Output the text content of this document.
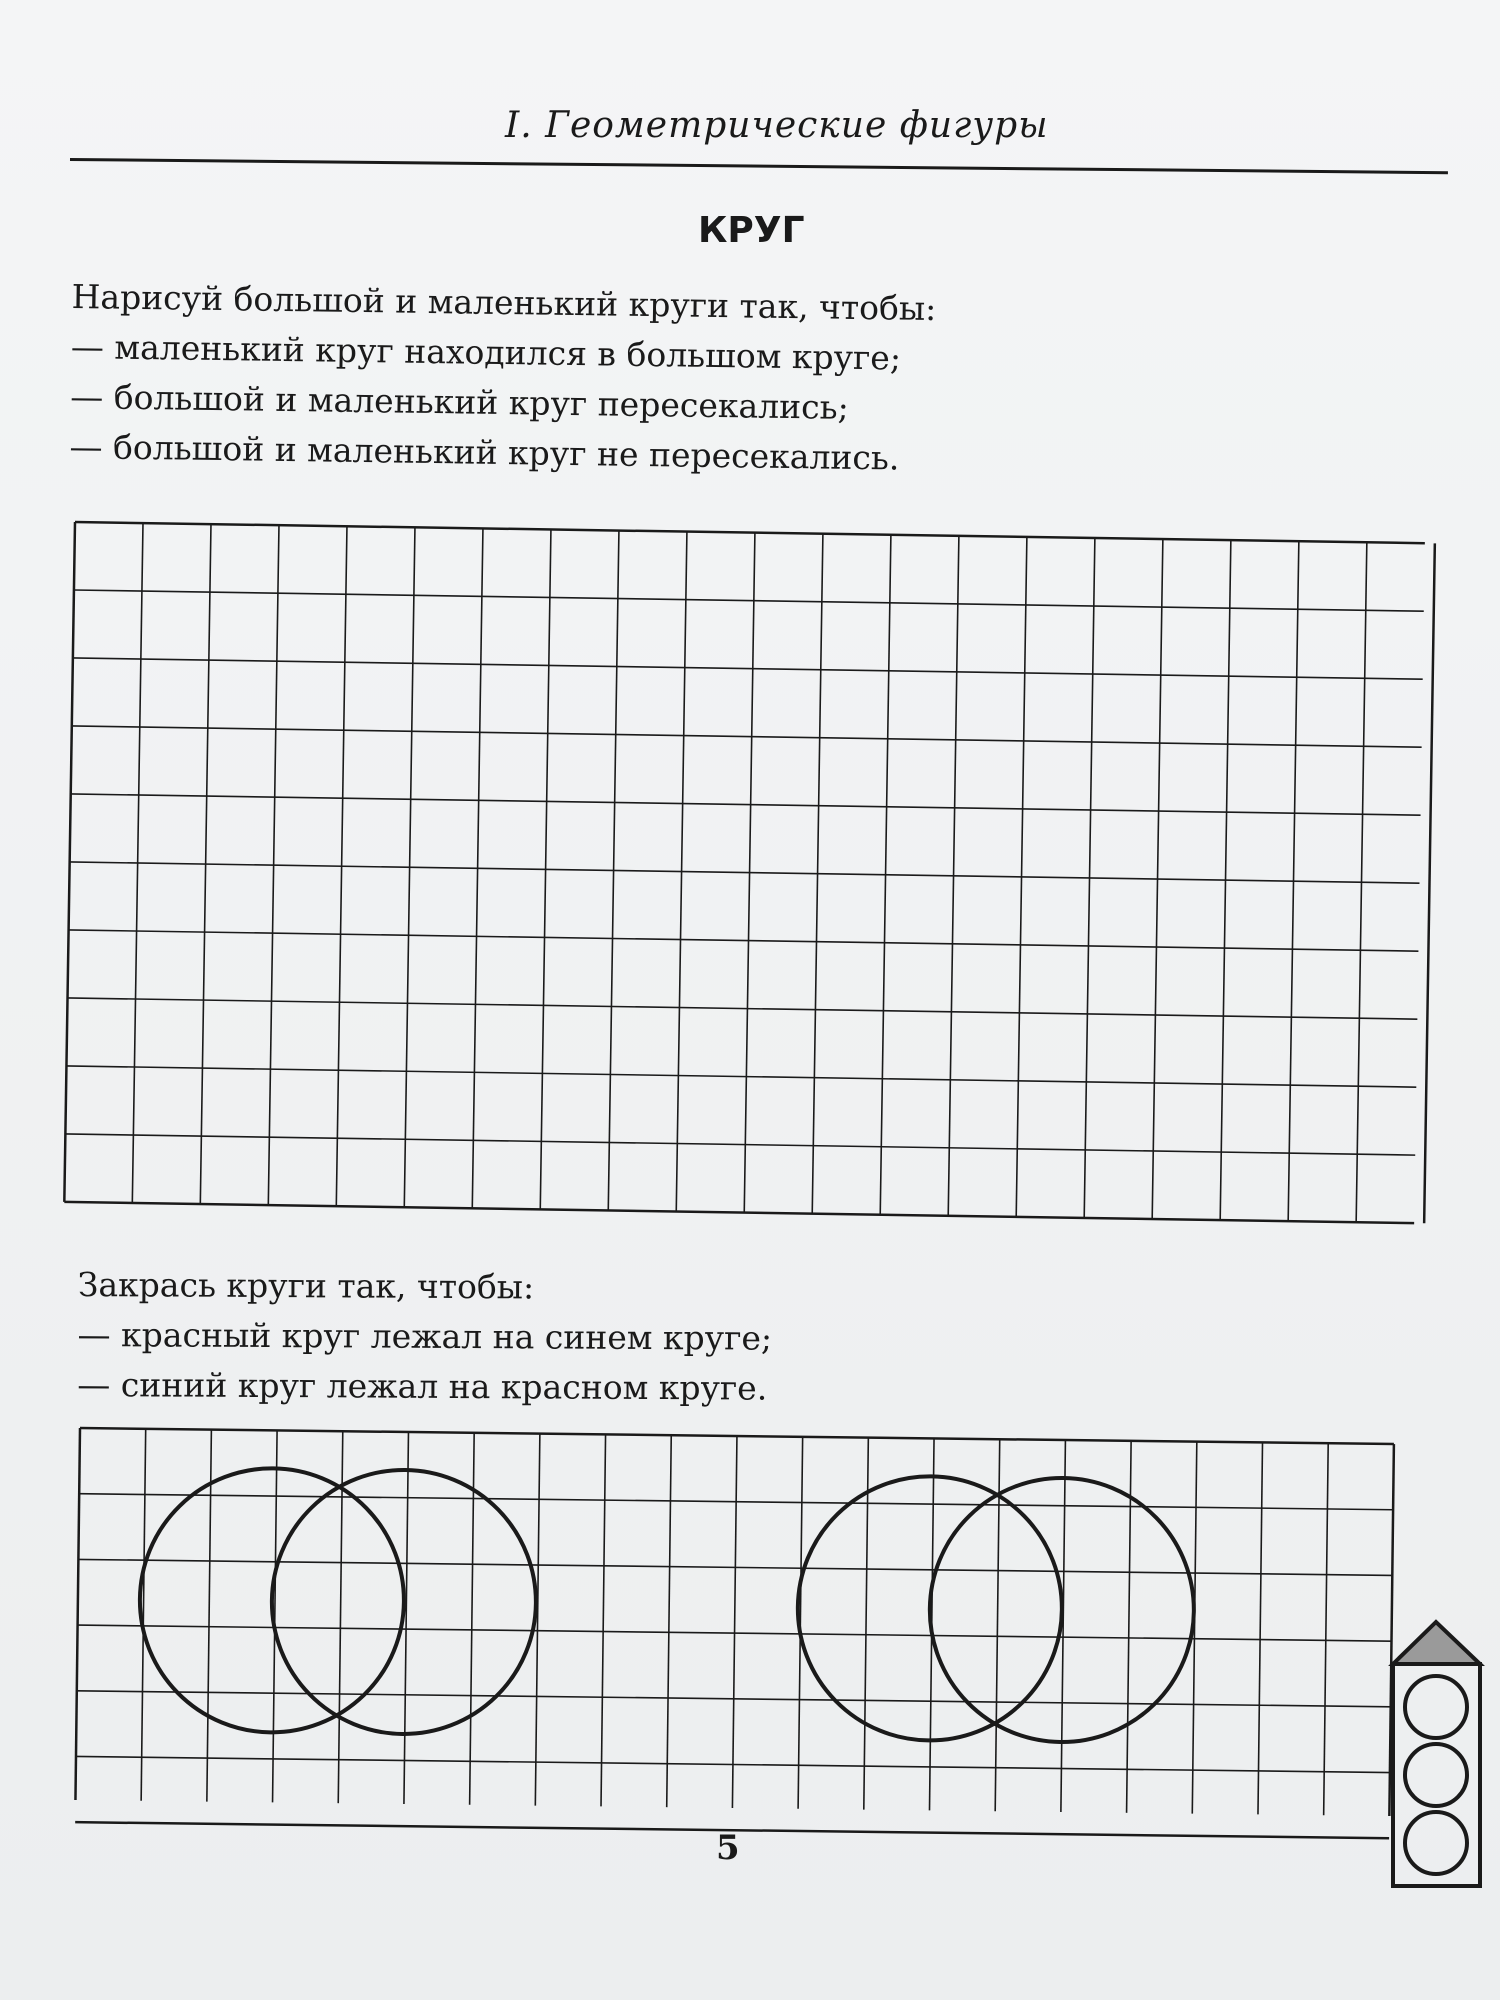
I. Геометрические фигуры
КРУГ
Нарисуй большой и маленький круги так, чтобы:
— маленький круг находился в большом круге;
— большой и маленький круг пересекались;
— большой и маленький круг не пересекались.
Закрась круги так, чтобы:
— красный круг лежал на синем круге;
— синий круг лежал на красном круге.
5
